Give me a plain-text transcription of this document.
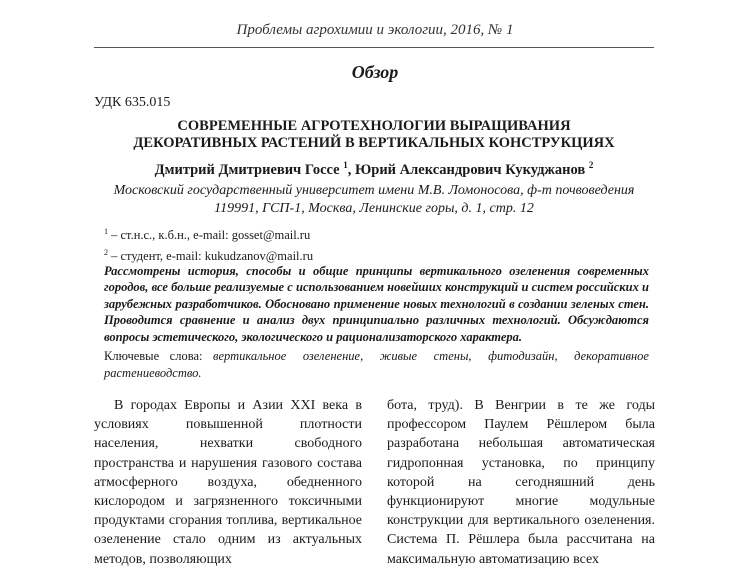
Проблемы агрохимии и экологии, 2016, № 1
Обзор
УДК 635.015
СОВРЕМЕННЫЕ АГРОТЕХНОЛОГИИ ВЫРАЩИВАНИЯ
ДЕКОРАТИВНЫХ РАСТЕНИЙ В ВЕРТИКАЛЬНЫХ КОНСТРУКЦИЯХ
Дмитрий Дмитриевич Госсе $^1$, Юрий Александрович Кукуджанов $^2$
Московский государственный университет имени М.В. Ломоносова, ф-т почвоведения
119991, ГСП-1, Москва, Ленинские горы, д. 1, стр. 12
$^1$ – ст.н.с., к.б.н., e-mail: gosset@mail.ru
$^2$ – студент, e-mail: kukudzanov@mail.ru
Рассмотрены история, способы и общие принципы вертикального озеленения современных городов, все больше реализуемые с использованием новейших конструкций и систем российских и зарубежных разработчиков. Обосновано применение новых технологий в создании зеленых стен. Проводится сравнение и анализ двух принципиально различных технологий. Обсуждаются вопросы эстетического, экологического и рационализаторского характера.
Ключевые слова: вертикальное озеленение, живые стены, фитодизайн, декоративное растениеводство.
В городах Европы и Азии XXI века в условиях повышенной плотности населения, нехватки свободного пространства и нарушения газового состава атмосферного воздуха, обедненного кислородом и загрязненного токсичными продуктами сгорания топлива, вертикальное озеленение стало одним из актуальных методов, позволяющих
бота, труд). В Венгрии в те же годы профессором Паулем Рёшлером была разработана небольшая автоматическая гидропонная установка, по принципу которой на сегодняшний день функционируют многие модульные конструкции для вертикального озеленения. Система П. Рёшлера была рассчитана на максимальную автоматизацию всех
